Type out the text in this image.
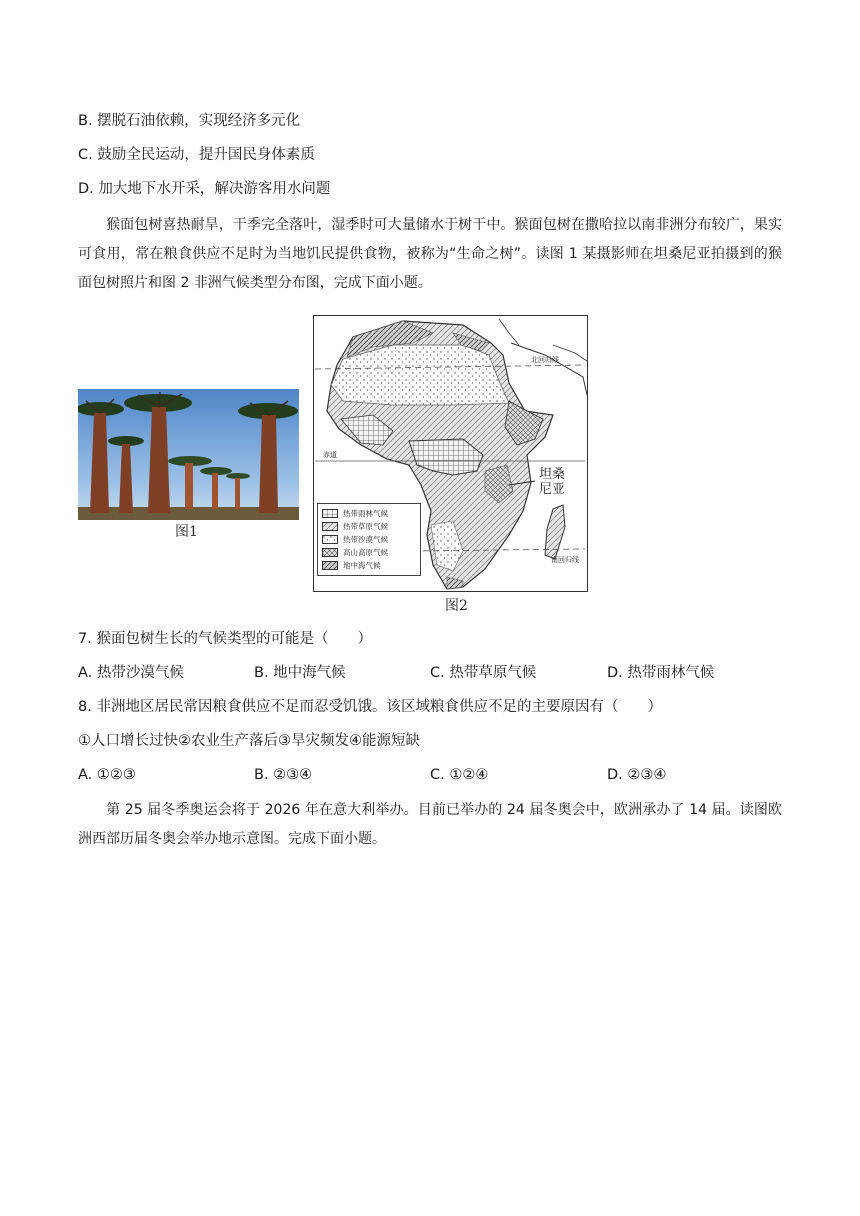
B. 摆脱石油依赖，实现经济多元化
C. 鼓励全民运动，提升国民身体素质
D. 加大地下水开采，解决游客用水问题
猴面包树喜热耐旱，干季完全落叶，湿季时可大量储水于树干中。猴面包树在撒哈拉以南非洲分布较广，果实可食用，常在粮食供应不足时为当地饥民提供食物，被称为“生命之树”。读图 1 某摄影师在坦桑尼亚拍摄到的猴面包树照片和图 2 非洲气候类型分布图，完成下面小题。
图1
北回归线
赤道
南回归线
坦桑
尼亚
热带雨林气候
热带草原气候
热带沙漠气候
高山高原气候
地中海气候
图2
7. 猴面包树生长的气候类型的可能是（　　）
A. 热带沙漠气候	B. 地中海气候	C. 热带草原气候	D. 热带雨林气候
8. 非洲地区居民常因粮食供应不足而忍受饥饿。该区域粮食供应不足的主要原因有（　　）
①人口增长过快②农业生产落后③旱灾频发④能源短缺
A. ①②③	B. ②③④	C. ①②④	D. ②③④
第 25 届冬季奥运会将于 2026 年在意大利举办。目前已举办的 24 届冬奥会中，欧洲承办了 14 届。读图欧洲西部历届冬奥会举办地示意图。完成下面小题。
